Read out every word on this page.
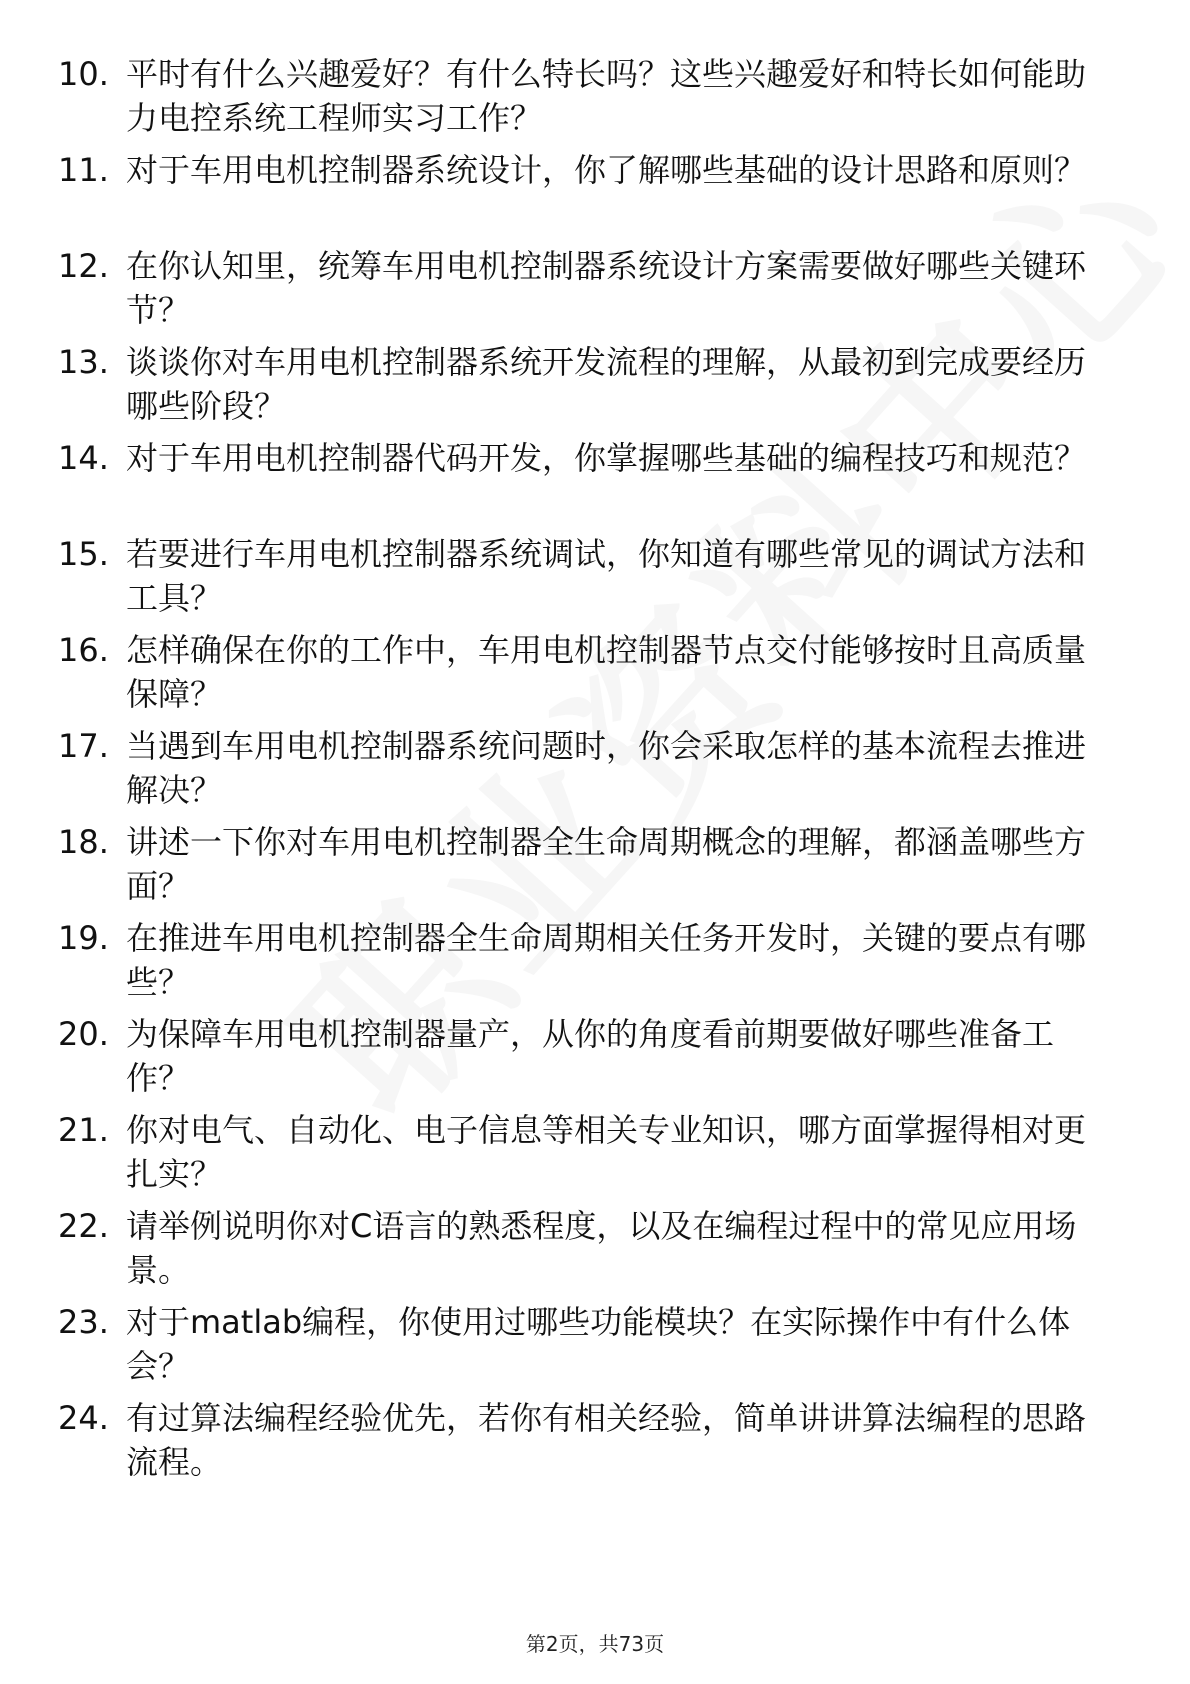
10. 平时有什么兴趣爱好？有什么特长吗？这些兴趣爱好和特长如何能助力电控系统工程师实习工作？
11. 对于车用电机控制器系统设计，你了解哪些基础的设计思路和原则？
12. 在你认知里，统筹车用电机控制器系统设计方案需要做好哪些关键环节？
13. 谈谈你对车用电机控制器系统开发流程的理解，从最初到完成要经历哪些阶段？
14. 对于车用电机控制器代码开发，你掌握哪些基础的编程技巧和规范？
15. 若要进行车用电机控制器系统调试，你知道有哪些常见的调试方法和工具？
16. 怎样确保在你的工作中，车用电机控制器节点交付能够按时且高质量保障？
17. 当遇到车用电机控制器系统问题时，你会采取怎样的基本流程去推进解决？
18. 讲述一下你对车用电机控制器全生命周期概念的理解，都涵盖哪些方面？
19. 在推进车用电机控制器全生命周期相关任务开发时，关键的要点有哪些？
20. 为保障车用电机控制器量产，从你的角度看前期要做好哪些准备工作？
21. 你对电气、自动化、电子信息等相关专业知识，哪方面掌握得相对更扎实？
22. 请举例说明你对C语言的熟悉程度，以及在编程过程中的常见应用场景。
23. 对于matlab编程，你使用过哪些功能模块？在实际操作中有什么体会？
24. 有过算法编程经验优先，若你有相关经验，简单讲讲算法编程的思路流程。
第2页，共73页
